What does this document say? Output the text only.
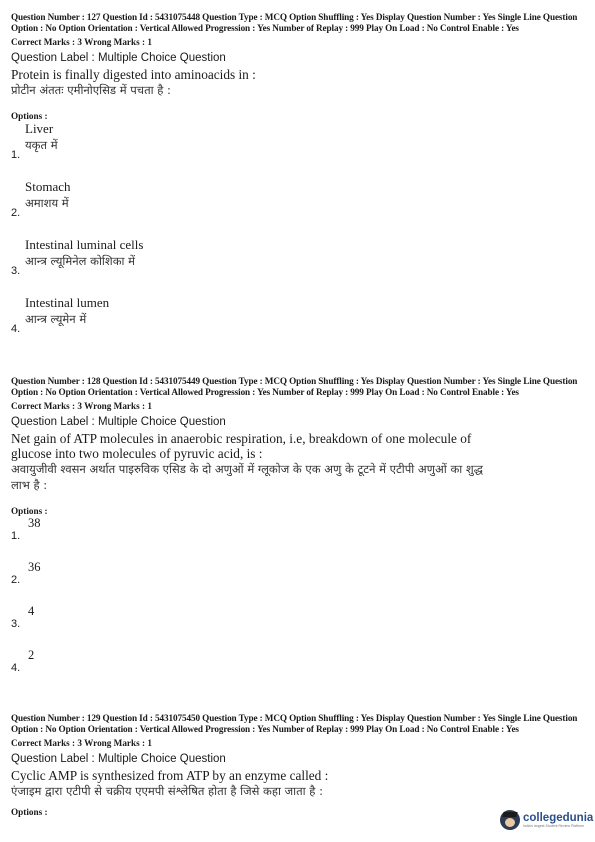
Question Number : 127 Question Id : 5431075448 Question Type : MCQ Option Shuffling : Yes Display Question Number : Yes Single Line Question Option : No Option Orientation : Vertical Allowed Progression : Yes Number of Replay : 999 Play On Load : No Control Enable : Yes

Correct Marks : 3 Wrong Marks : 1
Question Label : Multiple Choice Question
Protein is finally digested into aminoacids in :
प्रोटीन अंततः एमीनोएसिड में पचता है :
Options :
Liver
यकृत में
1.
Stomach
अमाशय में
2.
Intestinal luminal cells
आन्त्र ल्यूमिनेल कोशिका में
3.
Intestinal lumen
आन्त्र ल्यूमेन में
4.

Question Number : 128 Question Id : 5431075449 Question Type : MCQ Option Shuffling : Yes Display Question Number : Yes Single Line Question Option : No Option Orientation : Vertical Allowed Progression : Yes Number of Replay : 999 Play On Load : No Control Enable : Yes

Correct Marks : 3 Wrong Marks : 1
Question Label : Multiple Choice Question
Net gain of ATP molecules in anaerobic respiration, i.e, breakdown of one molecule of glucose into two molecules of pyruvic acid, is :
अवायुजीवी श्वसन अर्थात पाइरुविक एसिड के दो अणुओं में ग्लूकोज के एक अणु के टूटने में एटीपी अणुओं का शुद्ध लाभ है :
Options :
38
1.
36
2.
4
3.
2
4.

Question Number : 129 Question Id : 5431075450 Question Type : MCQ Option Shuffling : Yes Display Question Number : Yes Single Line Question Option : No Option Orientation : Vertical Allowed Progression : Yes Number of Replay : 999 Play On Load : No Control Enable : Yes

Correct Marks : 3 Wrong Marks : 1
Question Label : Multiple Choice Question
Cyclic AMP is synthesized from ATP by an enzyme called :
एंजाइम द्वारा एटीपी से चक्रीय एएमपी संश्लेषित होता है जिसे कहा जाता है :
Options :	collegedunia
India's largest Student Review Platform
